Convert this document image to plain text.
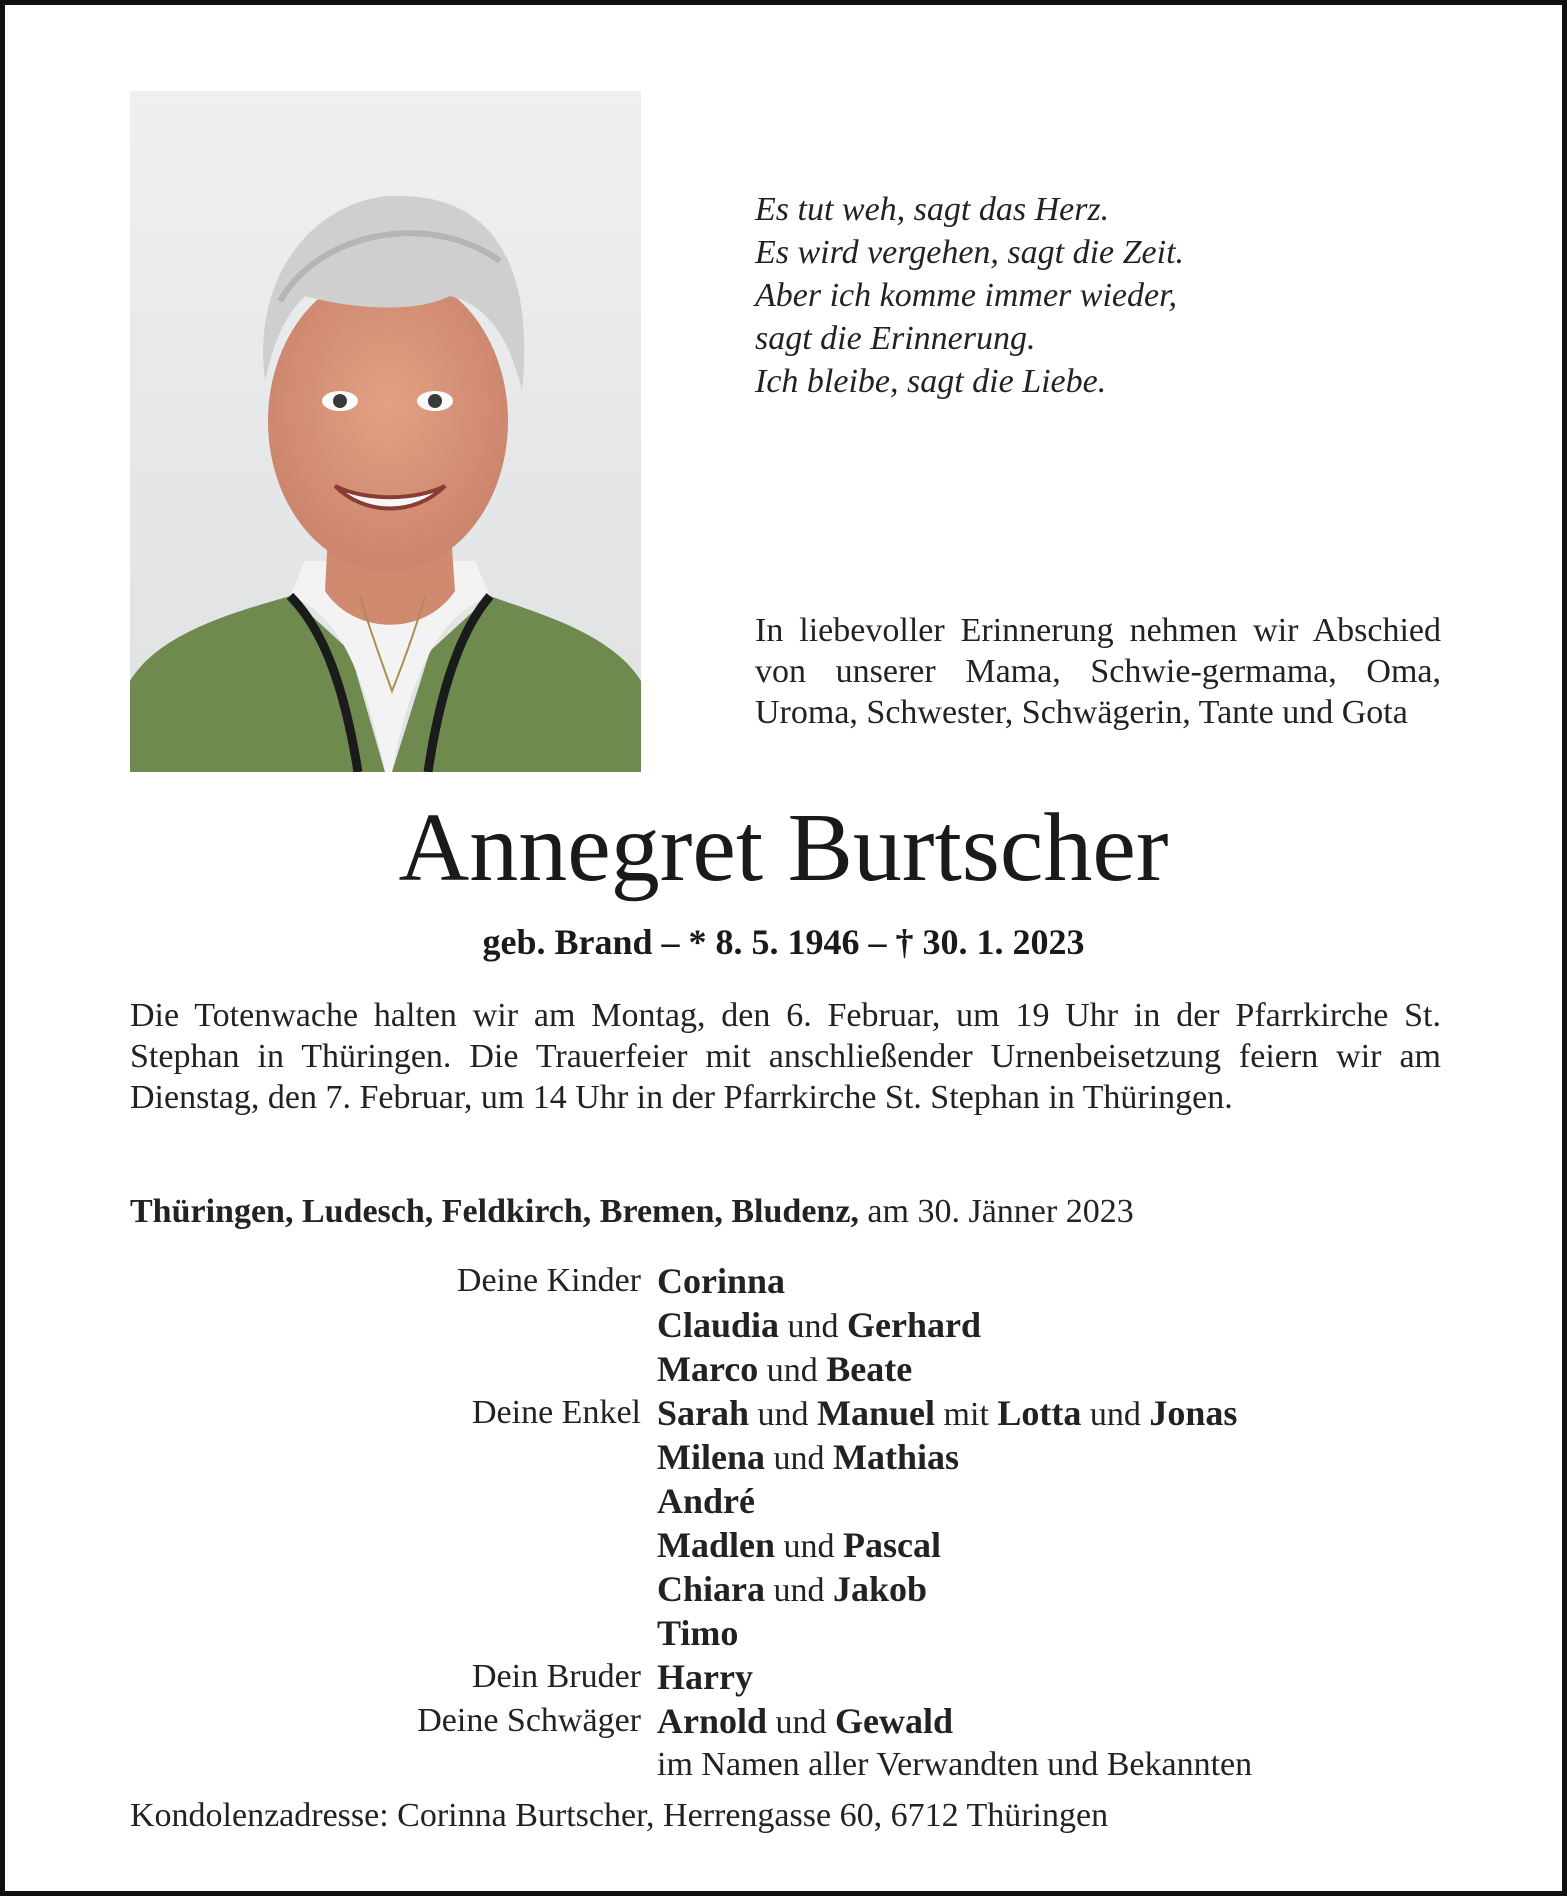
Es tut weh, sagt das Herz.
Es wird vergehen, sagt die Zeit.
Aber ich komme immer wieder,
sagt die Erinnerung.
Ich bleibe, sagt die Liebe.
In liebevoller Erinnerung nehmen wir Abschied von unserer Mama, Schwie-germama, Oma, Uroma, Schwester, Schwägerin, Tante und Gota
Annegret Burtscher
geb. Brand – * 8. 5. 1946 – † 30. 1. 2023
Die Totenwache halten wir am Montag, den 6. Februar, um 19 Uhr in der Pfarrkirche St. Stephan in Thüringen. Die Trauerfeier mit anschließender Urnenbeisetzung feiern wir am Dienstag, den 7. Februar, um 14 Uhr in der Pfarrkirche St. Stephan in Thüringen.
Thüringen, Ludesch, Feldkirch, Bremen, Bludenz, am 30. Jänner 2023
Deine Kinder Corinna
Claudia und Gerhard
Marco und Beate
Deine Enkel Sarah und Manuel mit Lotta und Jonas
Milena und Mathias
André
Madlen und Pascal
Chiara und Jakob
Timo
Dein Bruder Harry
Deine Schwäger Arnold und Gewald
im Namen aller Verwandten und Bekannten
Kondolenzadresse: Corinna Burtscher, Herrengasse 60, 6712 Thüringen
